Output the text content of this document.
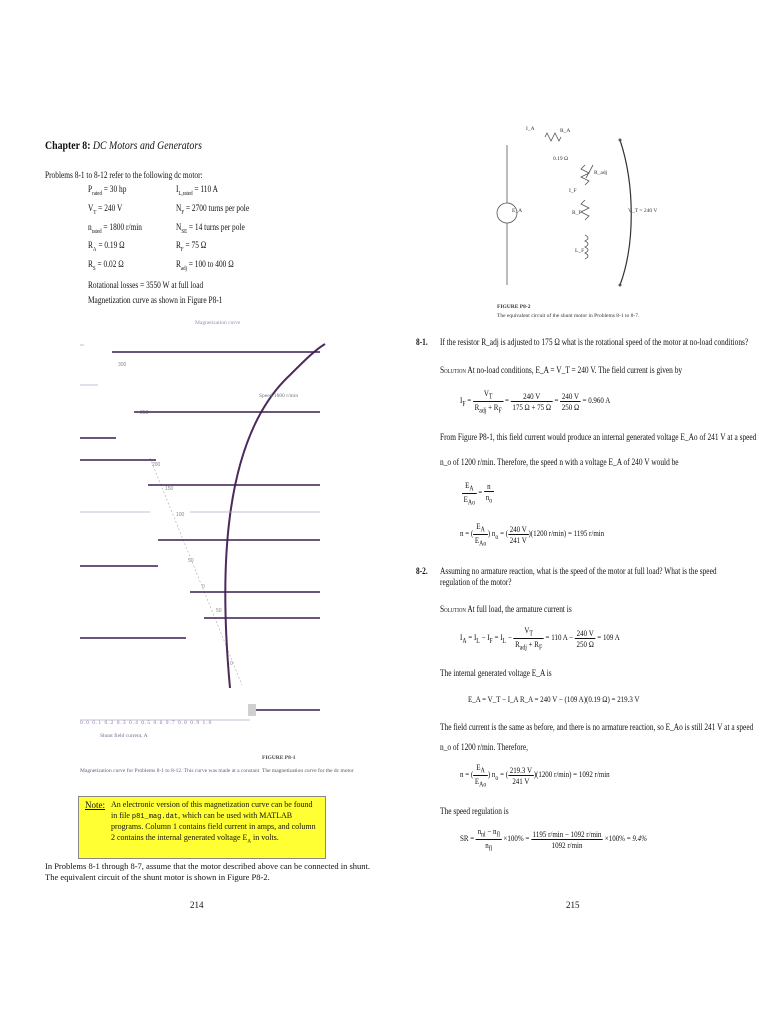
Chapter 8: DC Motors and Generators
Problems 8-1 to 8-12 refer to the following dc motor:
$P_{rated} = 30$ hp
$V_T = 240$ V
$n_{rated} = 1800$ r/min
$R_A = 0.19$ Ω
$R_S = 0.02$ Ω
$I_{L,rated} = 110$ A
$N_F = 2700$ turns per pole
$N_{SE} = 14$ turns per pole
$R_F = 75$ Ω
$R_{adj} = 100$ to 400 Ω
Rotational losses = 3550 W at full load
Magnetization curve as shown in Figure P8-1
Magnetization curve
300
250
200
150
100
50
0
50
0
Speed 1800 r/min
0.0 0.1 0.2 0.3 0.4 0.5 0.6 0.7 0.8 0.9 1.0
Shunt field current, A
FIGURE P8-1
Magnetization curve for Problems 8-1 to 8-12. This curve was made at a constant The magnetization curve for the dc motor
Note: An electronic version of this magnetization curve can be found in file p81_mag.dat, which can be used with MATLAB programs. Column 1 contains field current in amps, and column 2 contains the internal generated voltage $E_A$ in volts.
In Problems 8-1 through 8-7, assume that the motor described above can be connected in shunt. The equivalent circuit of the shunt motor is shown in Figure P8-2.
214
I_A	R_A
0.19 Ω
I_F
R_adj
R_F
L_F
E_A	V_T = 240 V
FIGURE P8-2
The equivalent circuit of the shunt motor in Problems 8-1 to 8-7.
8-1. If the resistor R_adj is adjusted to 175 Ω what is the rotational speed of the motor at no-load conditions?
Solution At no-load conditions, E_A = V_T = 240 V. The field current is given by
$I_F = \frac{V_T}{R_{adj} + R_F} = \frac{240 V}{175 \Omega + 75 \Omega} = \frac{240 V}{250 \Omega} = 0.960$ A
From Figure P8-1, this field current would produce an internal generated voltage E_Ao of 241 V at a speed
n_o of 1200 r/min. Therefore, the speed n with a voltage E_A of 240 V would be
$\frac{E_A}{E_{Ao}} = \frac{n}{n_o}$
n = ( $\frac{E_A}{E_{Ao}}$ ) $n_o$ = ( $\frac{240 V}{241 V} )(1200$ r/min) = 1195 r/min
8-2. Assuming no armature reaction, what is the speed of the motor at full load? What is the speed regulation of the motor?
Solution At full load, the armature current is
$I_A = I_L - I_F = I_L - \frac{V_T}{R_{adj} + R_F} = 110$ $A - \frac{240 V}{250 \Omega} = 109$ A
The internal generated voltage E_A is
E_A = V_T − I_A R_A = 240 V − (109 A)(0.19 Ω) = 219.3 V
The field current is the same as before, and there is no armature reaction, so E_Ao is still 241 V at a speed
n_o of 1200 r/min. Therefore,
n = ( $\frac{E_A}{E_{Ao}}$ ) $n_o$ = ( $\frac{219.3 V}{241 V} )(1200$ r/min) = 1092 r/min
The speed regulation is
SR = $\frac{n_{nl} - n_{fl}}{n_{fl}} \times 100\% = \frac{1195 r/\min - 1092 r/\min}{1092 r/\min} \times 100\% = 9.4\%$
215
